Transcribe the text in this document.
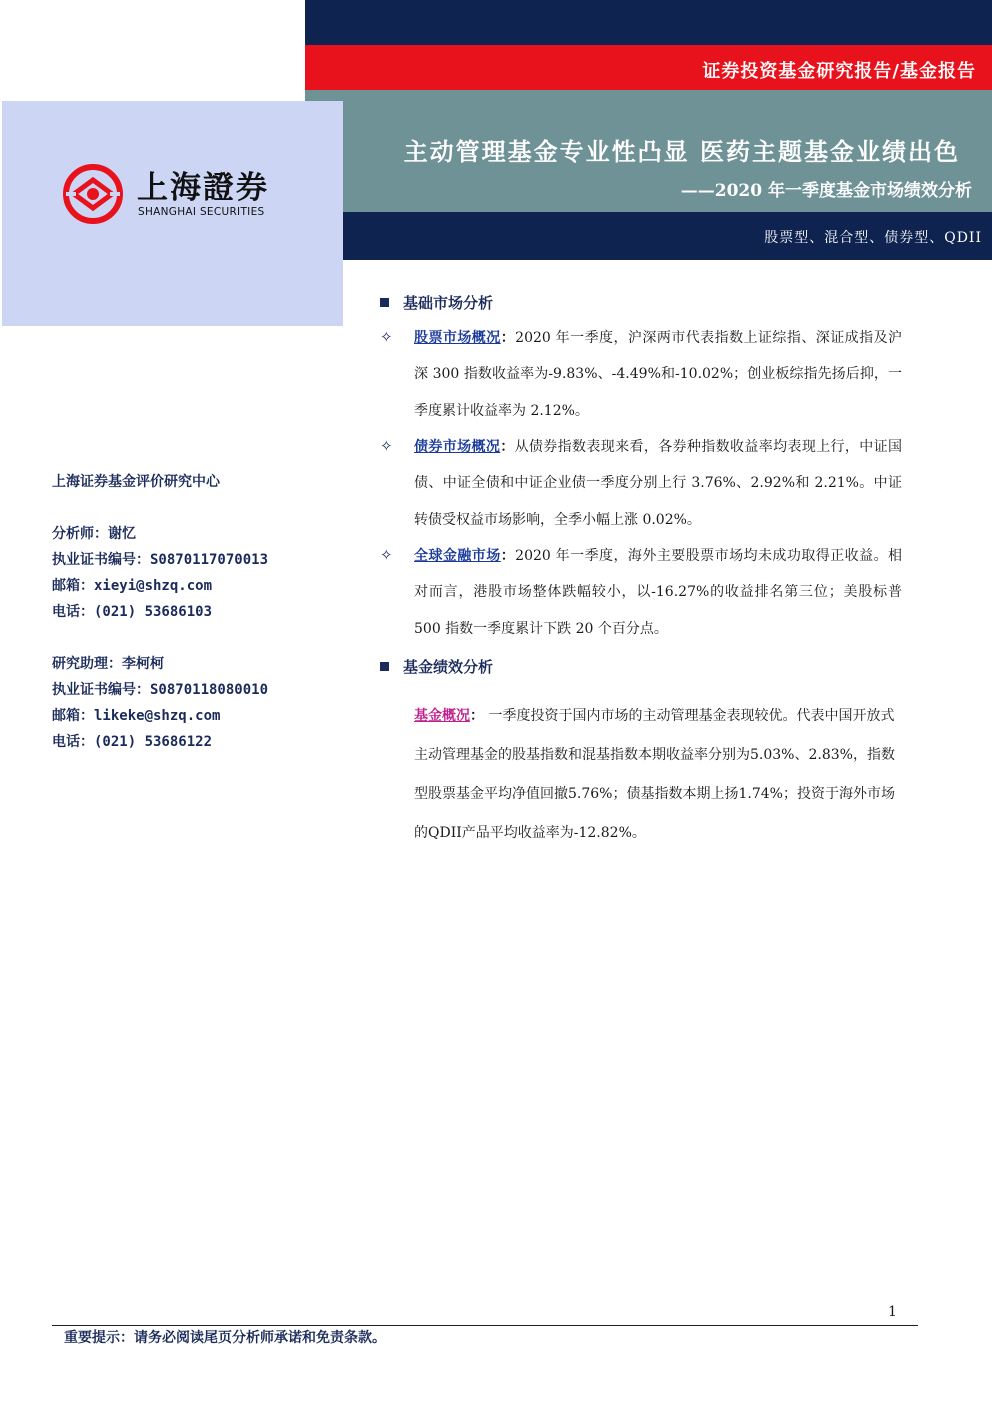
证券投资基金研究报告/基金报告
主动管理基金专业性凸显 医药主题基金业绩出色
——2020 年一季度基金市场绩效分析
股票型、混合型、债券型、QDII
上海證券
SHANGHAI SECURITIES
上海证券基金评价研究中心
分析师：谢忆
执业证书编号：S0870117070013
邮箱：xieyi@shzq.com
电话：(021) 53686103
研究助理：李柯柯
执业证书编号：S0870118080010
邮箱：likeke@shzq.com
电话：(021) 53686122
基础市场分析
✧ 股票市场概况：2020 年一季度，沪深两市代表指数上证综指、深证成指及沪深 300 指数收益率为-9.83%、-4.49%和-10.02%；创业板综指先扬后抑，一季度累计收益率为 2.12%。
✧ 债券市场概况：从债券指数表现来看，各券种指数收益率均表现上行，中证国债、中证全债和中证企业债一季度分别上行 3.76%、2.92%和 2.21%。中证转债受权益市场影响，全季小幅上涨 0.02%。
✧ 全球金融市场：2020 年一季度，海外主要股票市场均未成功取得正收益。相对而言，港股市场整体跌幅较小，以-16.27%的收益排名第三位；美股标普 500 指数一季度累计下跌 20 个百分点。
基金绩效分析
基金概况： 一季度投资于国内市场的主动管理基金表现较优。代表中国开放式主动管理基金的股基指数和混基指数本期收益率分别为5.03%、2.83%，指数型股票基金平均净值回撤5.76%；债基指数本期上扬1.74%；投资于海外市场的QDII产品平均收益率为-12.82%。
1
重要提示：请务必阅读尾页分析师承诺和免责条款。
